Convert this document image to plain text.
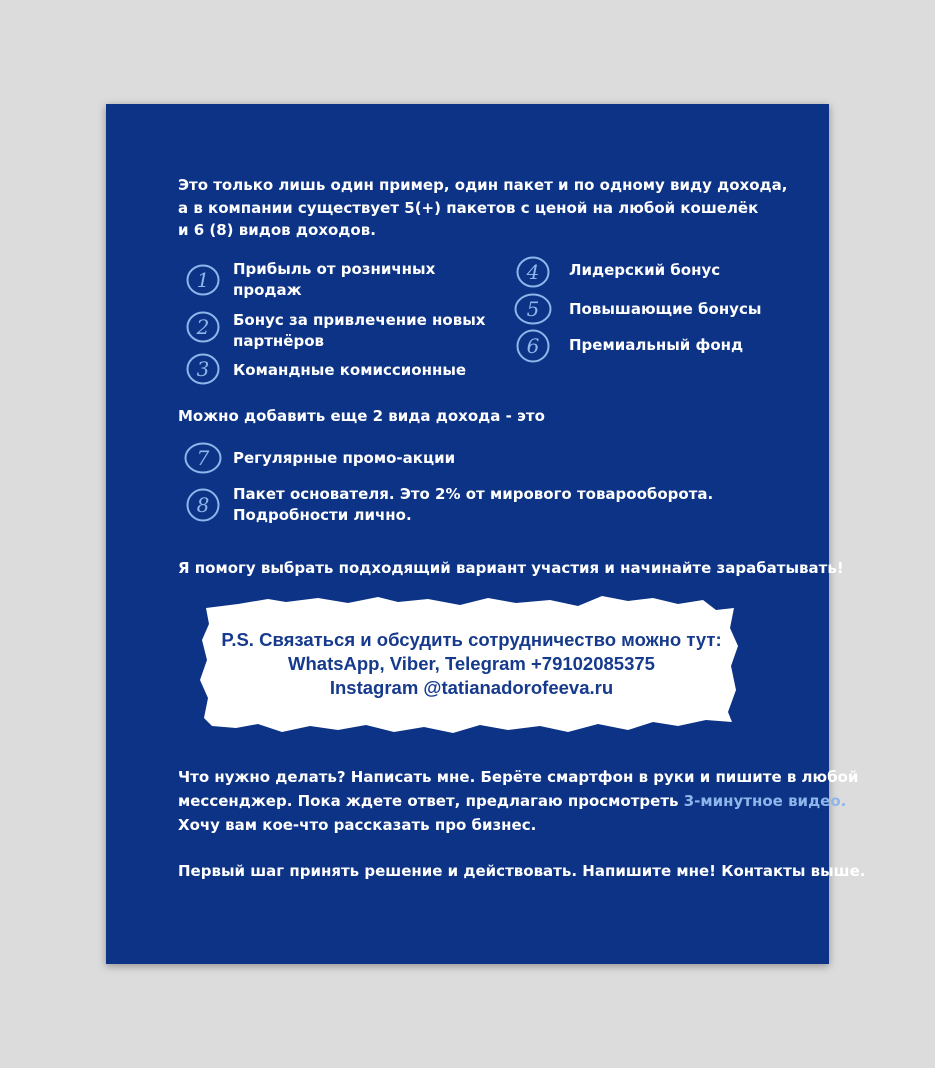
Это только лишь один пример, один пакет и по одному виду дохода,
а в компании существует 5(+) пакетов с ценой на любой кошелёк
и 6 (8) видов доходов.
1	Прибыль от розничных
продаж
2	Бонус за привлечение новых
партнёров
3	Командные комиссионные
4	Лидерский бонус
5	Повышающие бонусы
6	Премиальный фонд
Можно добавить еще 2 вида дохода - это
7	Регулярные промо-акции
8	Пакет основателя. Это 2% от мирового товарооборота.
Подробности лично.
Я помогу выбрать подходящий вариант участия и начинайте зарабатывать!
P.S. Связаться и обсудить сотрудничество можно тут:
WhatsApp, Viber, Telegram +79102085375
Instagram @tatianadorofeeva.ru
Что нужно делать? Написать мне. Берёте смартфон в руки и пишите в любой
мессенджер. Пока ждете ответ, предлагаю просмотреть 3-минутное видео.
Хочу вам кое-что рассказать про бизнес.
Первый шаг принять решение и действовать. Напишите мне! Контакты выше.
